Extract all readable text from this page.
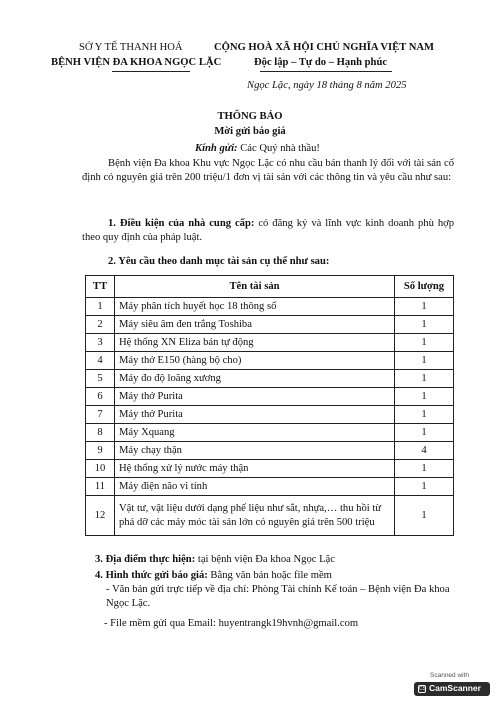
SỞ Y TẾ THANH HOÁ
BỆNH VIỆN ĐA KHOA NGỌC LẶC
CỘNG HOÀ XÃ HỘI CHỦ NGHĨA VIỆT NAM
Độc lập – Tự do – Hạnh phúc
Ngọc Lặc, ngày 18 tháng 8 năm 2025
THÔNG BÁO
Mời gửi báo giá
Kính gửi: Các Quý nhà thầu!
Bệnh viện Đa khoa Khu vực Ngọc Lặc có nhu cầu bán thanh lý đối với tài sản cố định có nguyên giá trên 200 triệu/1 đơn vị tài sản với các thông tin và yêu cầu như sau:
1. Điều kiện của nhà cung cấp: có đăng ký và lĩnh vực kinh doanh phù hợp theo quy định của pháp luật.
2. Yêu cầu theo danh mục tài sản cụ thể như sau:
TT	Tên tài sản	Số lượng
1	Máy phân tích huyết học 18 thông số	1
2	Máy siêu âm đen trắng Toshiba	1
3	Hệ thống XN Eliza bán tự động	1
4	Máy thở E150 (hàng bộ cho)	1
5	Máy đo độ loãng xương	1
6	Máy thở Purita	1
7	Máy thở Purita	1
8	Máy Xquang	1
9	Máy chạy thận	4
10	Hệ thống xử lý nước máy thận	1
11	Máy điện não vi tính	1
12	Vật tư, vật liệu dưới dạng phế liệu như sắt, nhựa,… thu hồi từ phá dỡ các máy móc tài sản lớn có nguyên giá trên 500 triệu	1
3. Địa điểm thực hiện: tại bệnh viện Đa khoa Ngọc Lặc
4. Hình thức gửi báo giá: Bằng văn bản hoặc file mềm
- Văn bản gửi trực tiếp về địa chỉ: Phòng Tài chính Kế toán – Bệnh viện Đa khoa Ngọc Lặc.
- File mềm gửi qua Email: huyentrangk19hvnh@gmail.com
Scanned with
CS CamScanner
